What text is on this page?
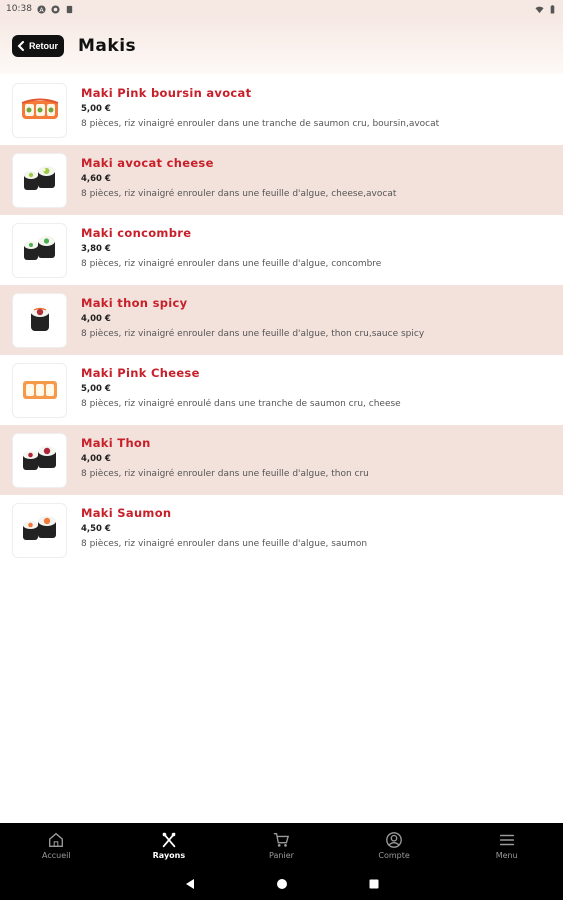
10:38 A
Retour Makis
Maki Pink boursin avocat
5,00 €
8 pièces, riz vinaigré enrouler dans une tranche de saumon cru, boursin,avocat
Maki avocat cheese
4,60 €
8 pièces, riz vinaigré enrouler dans une feuille d'algue, cheese,avocat
Maki concombre
3,80 €
8 pièces, riz vinaigré enrouler dans une feuille d'algue, concombre
Maki thon spicy
4,00 €
8 pièces, riz vinaigré enrouler dans une feuille d'algue, thon cru,sauce spicy
Maki Pink Cheese
5,00 €
8 pièces, riz vinaigré enroulé dans une tranche de saumon cru, cheese
Maki Thon
4,00 €
8 pièces, riz vinaigré enrouler dans une feuille d'algue, thon cru
Maki Saumon
4,50 €
8 pièces, riz vinaigré enrouler dans une feuille d'algue, saumon
Accueil	Rayons	Panier	Compte	Menu
